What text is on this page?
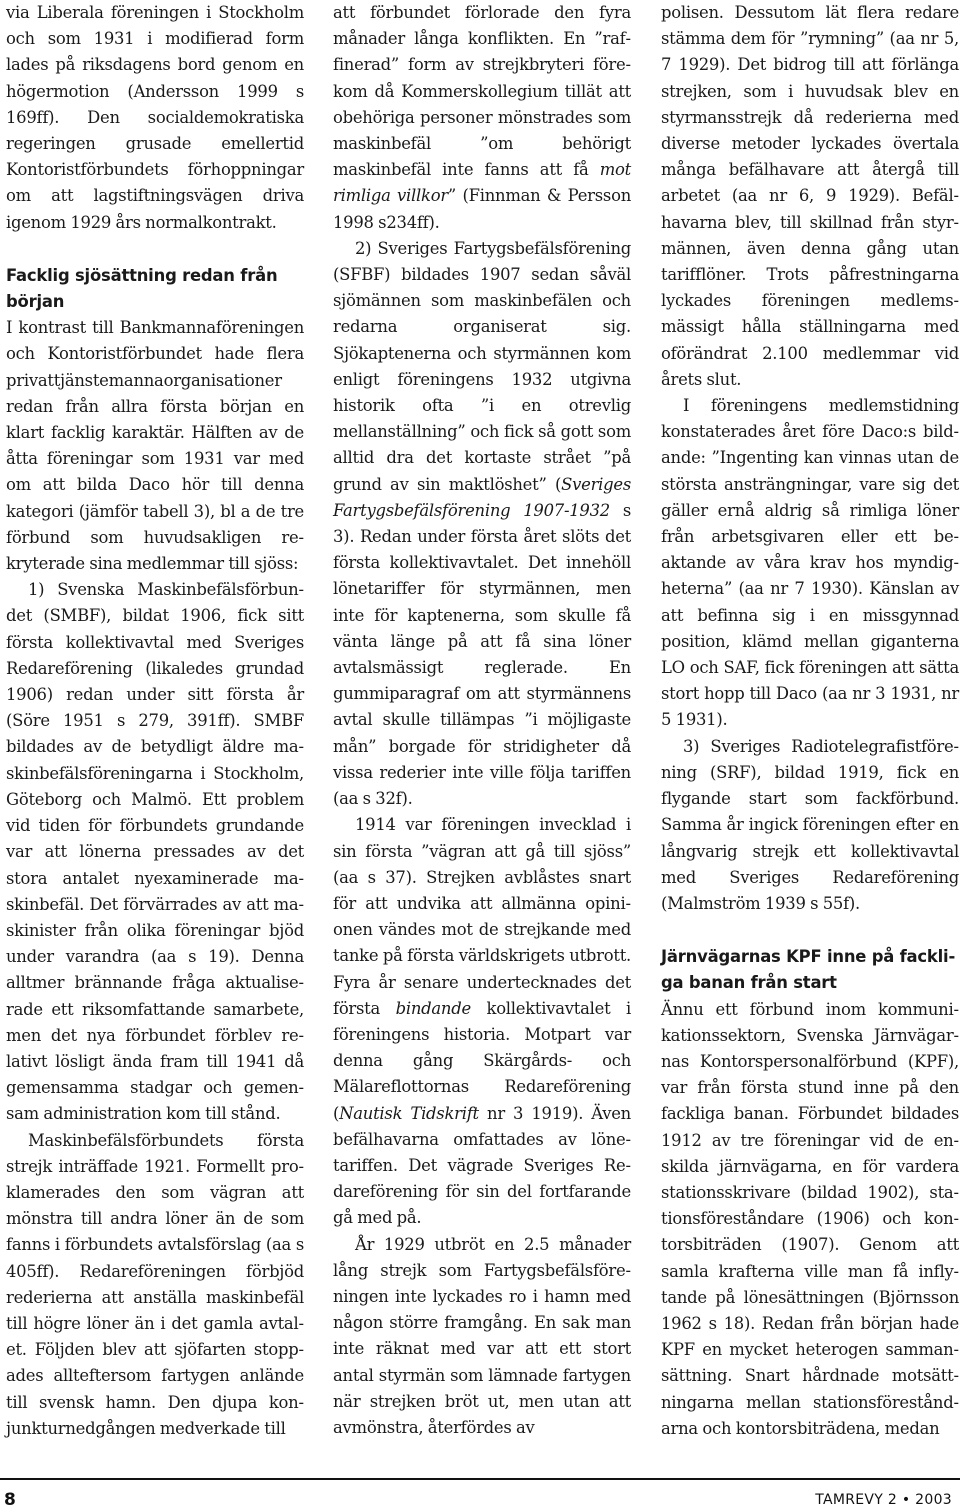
via Liberala föreningen i Stockholm och som 1931 i modifierad form lades på riksdagens bord genom en högermotion (Andersson 1999 s 169ff). Den socialdemokratiska regeringen grusade emellertid Kontoristförbundets förhoppningar om att lagstiftningsvägen driva igenom 1929 års normalkontrakt.

Facklig sjösättning redan från början

I kontrast till Bankmannaföreningen och Kontoristförbundet hade flera privattjänstemannaorganisationer redan från allra första början en klart facklig karaktär. Hälften av de åtta föreningar som 1931 var med om att bilda Daco hör till denna kategori (jämför tabell 3), bl a de tre förbund som huvudsakligen rekryterade sina medlemmar till sjöss:

1) Svenska Maskinbefälsförbundet (SMBF), bildat 1906, fick sitt första kollektivavtal med Sveriges Redareförening (likaledes grundad 1906) redan under sitt första år (Söre 1951 s 279, 391ff). SMBF bildades av de betydligt äldre maskinbefälsföreningarna i Stockholm, Göteborg och Malmö. Ett problem vid tiden för förbundets grundande var att lönerna pressades av det stora antalet nyexaminerade maskinbefäl. Det förvärrades av att maskinister från olika föreningar bjöd under varandra (aa s 19). Denna alltmer brännande fråga aktualiserade ett riksomfattande samarbete, men det nya förbundet förblev relativt lösligt ända fram till 1941 då gemensamma stadgar och gemensam administration kom till stånd.

Maskinbefälsförbundets första strejk inträffade 1921. Formellt proklamerades den som vägran att mönstra till andra löner än de som fanns i förbundets avtalsförslag (aa s 405ff). Redareföreningen förbjöd rederierna att anställa maskinbefäl till högre löner än i det gamla avtalet. Följden blev att sjöfarten stoppades allteftersom fartygen anlände till svensk hamn. Den djupa konjunkturnedgången medverkade till

att förbundet förlorade den fyra månader långa konflikten. En ”raffinerad” form av strejkbryteri förekom då Kommerskollegium tillät att obehöriga personer mönstrades som maskinbefäl ”om behörigt maskinbefäl inte fanns att få mot rimliga villkor” (Finnman & Persson 1998 s234ff).

2) Sveriges Fartygsbefälsförening (SFBF) bildades 1907 sedan såväl sjömännen som maskinbefälen och redarna organiserat sig. Sjökaptenerna och styrmännen kom enligt föreningens 1932 utgivna historik ofta ”i en otrevlig mellanställning” och fick så gott som alltid dra det kortaste strået ”på grund av sin maktlöshet” (Sveriges Fartygsbefälsförening 1907-1932 s 3). Redan under första året slöts det första kollektivavtalet. Det innehöll lönetariffer för styrmännen, men inte för kaptenerna, som skulle få vänta länge på att få sina löner avtalsmässigt reglerade. En gummiparagraf om att styrmännens avtal skulle tillämpas ”i möjligaste mån” borgade för stridigheter då vissa rederier inte ville följa tariffen (aa s 32f).

1914 var föreningen invecklad i sin första ”vägran att gå till sjöss” (aa s 37). Strejken avblåstes snart för att undvika att allmänna opinionen vändes mot de strejkande med tanke på första världskrigets utbrott. Fyra år senare undertecknades det första bindande kollektivavtalet i föreningens historia. Motpart var denna gång Skärgårds- och Mälareflottornas Redareförening (Nautisk Tidskrift nr 3 1919). Även befälhavarna omfattades av lönetariffen. Det vägrade Sveriges Redareförening för sin del fortfarande gå med på.

År 1929 utbröt en 2.5 månader lång strejk som Fartygsbefälsföreningen inte lyckades ro i hamn med någon större framgång. En sak man inte räknat med var att ett stort antal styrmän som lämnade fartygen när strejken bröt ut, men utan att avmönstra, återfördes av

polisen. Dessutom lät flera redare stämma dem för ”rymning” (aa nr 5, 7 1929). Det bidrog till att förlänga strejken, som i huvudsak blev en styrmansstrejk då rederierna med diverse metoder lyckades övertala många befälhavare att återgå till arbetet (aa nr 6, 9 1929). Befälhavarna blev, till skillnad från styrmännen, även denna gång utan tarifflöner. Trots påfrestningarna lyckades föreningen medlemsmässigt hålla ställningarna med oförändrat 2.100 medlemmar vid årets slut.

I föreningens medlemstidning konstaterades året före Daco:s bildande: ”Ingenting kan vinnas utan de största ansträngningar, vare sig det gäller ernå aldrig så rimliga löner från arbetsgivaren eller ett beaktande av våra krav hos myndigheterna” (aa nr 7 1930). Känslan av att befinna sig i en missgynnad position, klämd mellan giganterna LO och SAF, fick föreningen att sätta stort hopp till Daco (aa nr 3 1931, nr 5 1931).

3) Sveriges Radiotelegrafistförening (SRF), bildad 1919, fick en flygande start som fackförbund. Samma år ingick föreningen efter en långvarig strejk ett kollektivavtal med Sveriges Redareförening (Malmström 1939 s 55f).

Järnvägarnas KPF inne på fackliga banan från start

Ännu ett förbund inom kommunikationssektorn, Svenska Järnvägarnas Kontorspersonalförbund (KPF), var från första stund inne på den fackliga banan. Förbundet bildades 1912 av tre föreningar vid de enskilda järnvägarna, en för vardera stationsskrivare (bildad 1902), stationsföreståndare (1906) och kontorsbiträden (1907). Genom att samla krafterna ville man få inflytande på lönesättningen (Björnsson 1962 s 18). Redan från början hade KPF en mycket heterogen sammansättning. Snart hårdnade motsättningarna mellan stationsföreståndarna och kontorsbiträdena, medan

8	TAMREVY 2 • 2003
